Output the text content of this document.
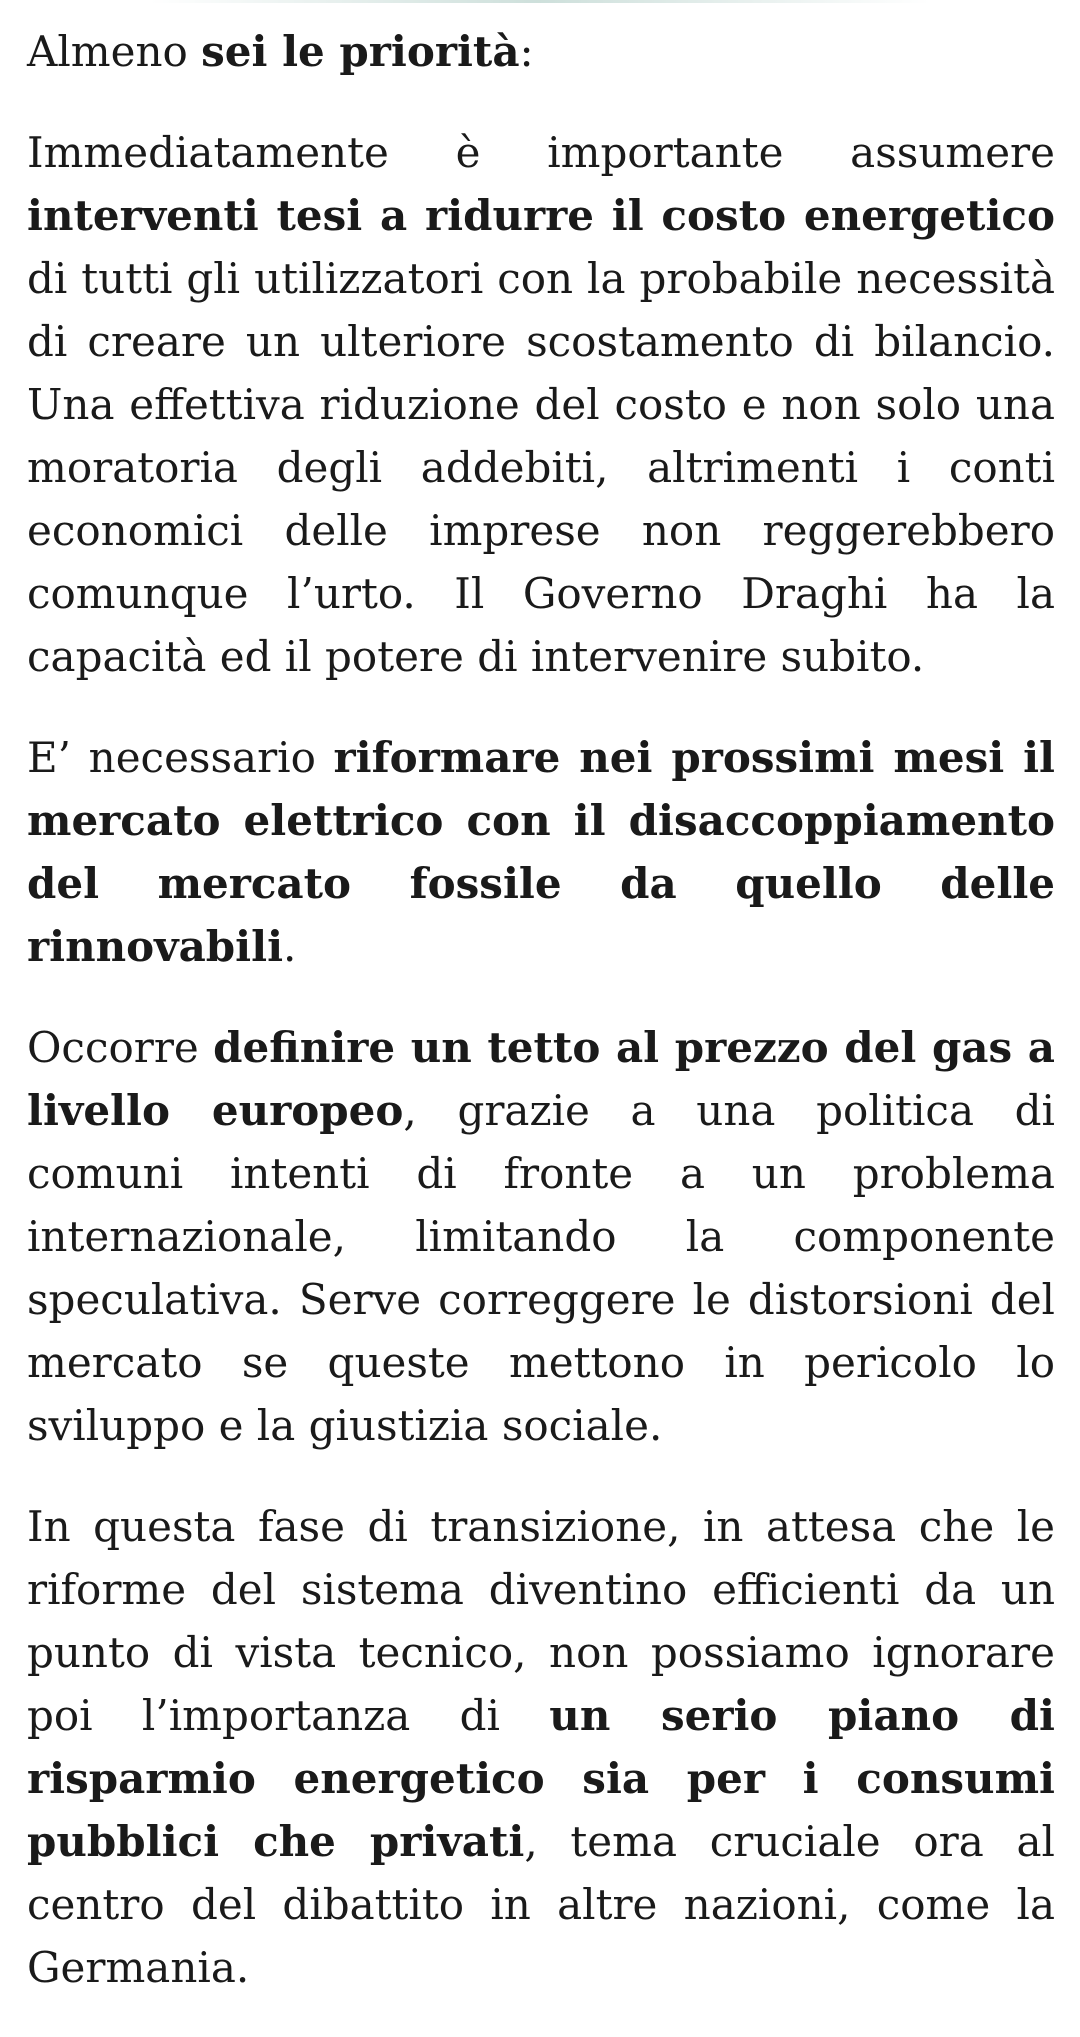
Almeno sei le priorità:

Immediatamente è importante assumere interventi tesi a ridurre il costo energetico di tutti gli utilizzatori con la probabile necessità di creare un ulteriore scostamento di bilancio. Una effettiva riduzione del costo e non solo una moratoria degli addebiti, altrimenti i conti economici delle imprese non reggerebbero comunque l’urto. Il Governo Draghi ha la capacità ed il potere di intervenire subito.

E’ necessario riformare nei prossimi mesi il mercato elettrico con il disaccoppiamento del mercato fossile da quello delle rinnovabili.

Occorre definire un tetto al prezzo del gas a livello europeo, grazie a una politica di comuni intenti di fronte a un problema internazionale, limitando la componente speculativa. Serve correggere le distorsioni del mercato se queste mettono in pericolo lo sviluppo e la giustizia sociale.

In questa fase di transizione, in attesa che le riforme del sistema diventino efficienti da un punto di vista tecnico, non possiamo ignorare poi l’importanza di un serio piano di risparmio energetico sia per i consumi pubblici che privati, tema cruciale ora al centro del dibattito in altre nazioni, come la Germania.
